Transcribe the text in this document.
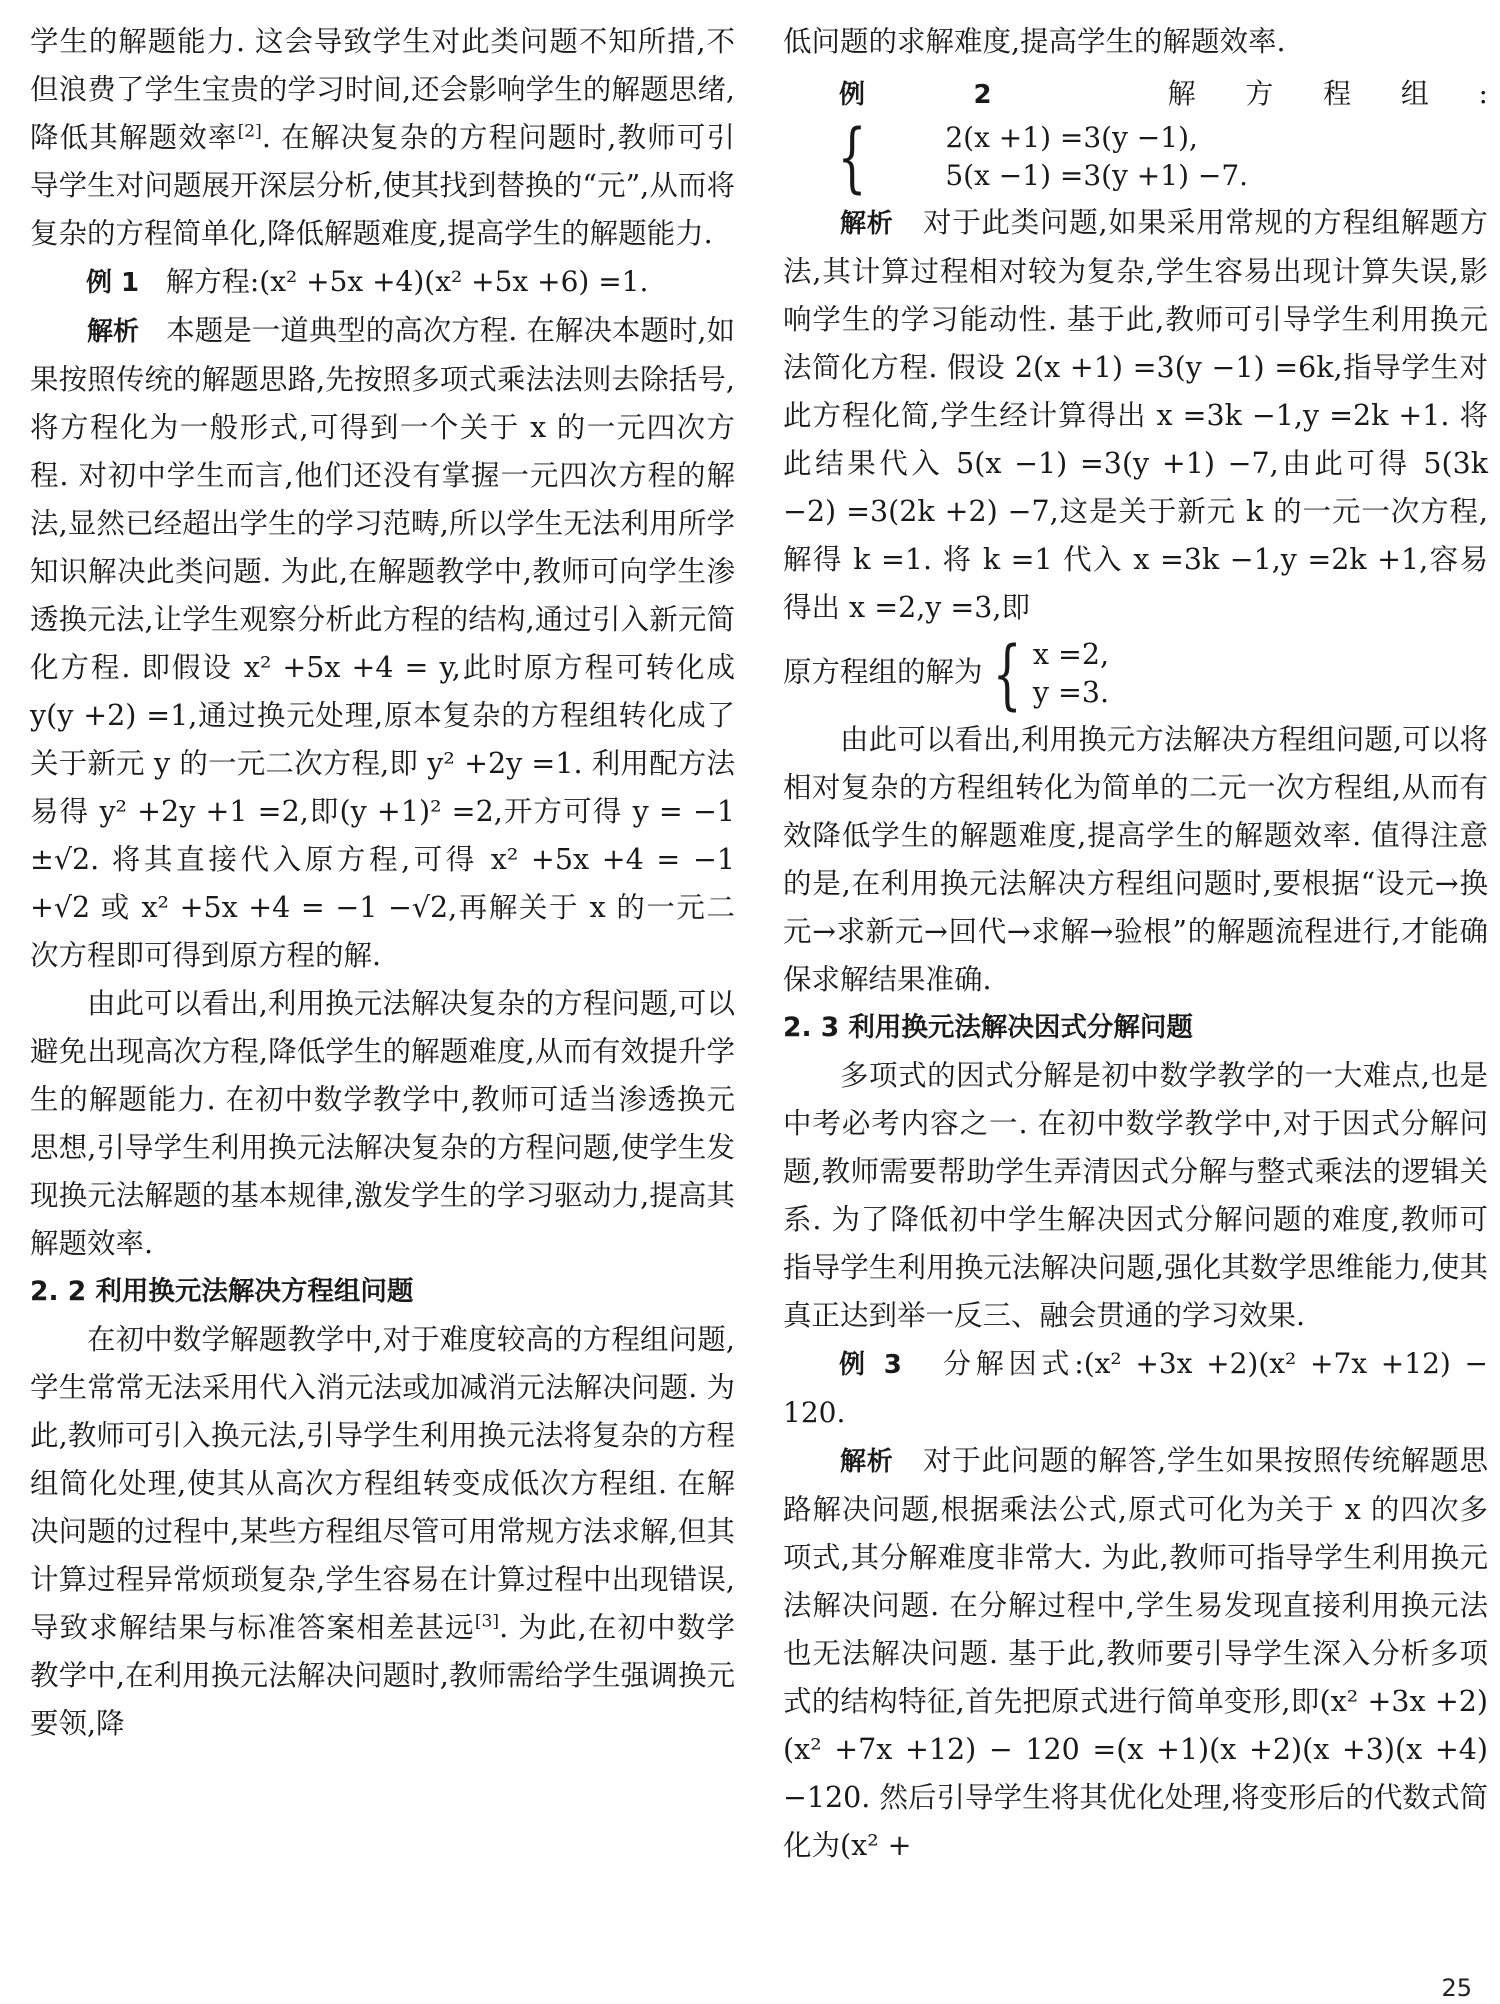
学生的解题能力. 这会导致学生对此类问题不知所措,不但浪费了学生宝贵的学习时间,还会影响学生的解题思绪,降低其解题效率[2]. 在解决复杂的方程问题时,教师可引导学生对问题展开深层分析,使其找到替换的“元”,从而将复杂的方程简单化,降低解题难度,提高学生的解题能力.

例 1 解方程:(x² +5x +4)(x² +5x +6) =1.

解析 本题是一道典型的高次方程. 在解决本题时,如果按照传统的解题思路,先按照多项式乘法法则去除括号,将方程化为一般形式,可得到一个关于 x 的一元四次方程. 对初中学生而言,他们还没有掌握一元四次方程的解法,显然已经超出学生的学习范畴,所以学生无法利用所学知识解决此类问题. 为此,在解题教学中,教师可向学生渗透换元法,让学生观察分析此方程的结构,通过引入新元简化方程. 即假设 x² +5x +4 = y,此时原方程可转化成 y(y +2) =1,通过换元处理,原本复杂的方程组转化成了关于新元 y 的一元二次方程,即 y² +2y =1. 利用配方法易得 y² +2y +1 =2,即(y +1)² =2,开方可得 y = −1 ±√2. 将其直接代入原方程,可得 x² +5x +4 = −1 +√2 或 x² +5x +4 = −1 −√2,再解关于 x 的一元二次方程即可得到原方程的解.

由此可以看出,利用换元法解决复杂的方程问题,可以避免出现高次方程,降低学生的解题难度,从而有效提升学生的解题能力. 在初中数学教学中,教师可适当渗透换元思想,引导学生利用换元法解决复杂的方程问题,使学生发现换元法解题的基本规律,激发学生的学习驱动力,提高其解题效率.

2. 2 利用换元法解决方程组问题

在初中数学解题教学中,对于难度较高的方程组问题,学生常常无法采用代入消元法或加减消元法解决问题. 为此,教师可引入换元法,引导学生利用换元法将复杂的方程组简化处理,使其从高次方程组转变成低次方程组. 在解决问题的过程中,某些方程组尽管可用常规方法求解,但其计算过程异常烦琐复杂,学生容易在计算过程中出现错误,导致求解结果与标准答案相差甚远[3]. 为此,在初中数学教学中,在利用换元法解决问题时,教师需给学生强调换元要领,降

低问题的求解难度,提高学生的解题效率.

例 2	解方程组:
{	2(x +1) =3(y −1),
5(x −1) =3(y +1) −7.

解析 对于此类问题,如果采用常规的方程组解题方法,其计算过程相对较为复杂,学生容易出现计算失误,影响学生的学习能动性. 基于此,教师可引导学生利用换元法简化方程. 假设 2(x +1) =3(y −1) =6k,指导学生对此方程化简,学生经计算得出 x =3k −1,y =2k +1. 将此结果代入 5(x −1) =3(y +1) −7,由此可得 5(3k −2) =3(2k +2) −7,这是关于新元 k 的一元一次方程,解得 k =1. 将 k =1 代入 x =3k −1,y =2k +1,容易得出 x =2,y =3,即

原方程组的解为 { x =2,
y =3.

由此可以看出,利用换元方法解决方程组问题,可以将相对复杂的方程组转化为简单的二元一次方程组,从而有效降低学生的解题难度,提高学生的解题效率. 值得注意的是,在利用换元法解决方程组问题时,要根据“设元→换元→求新元→回代→求解→验根”的解题流程进行,才能确保求解结果准确.

2. 3 利用换元法解决因式分解问题

多项式的因式分解是初中数学教学的一大难点,也是中考必考内容之一. 在初中数学教学中,对于因式分解问题,教师需要帮助学生弄清因式分解与整式乘法的逻辑关系. 为了降低初中学生解决因式分解问题的难度,教师可指导学生利用换元法解决问题,强化其数学思维能力,使其真正达到举一反三、融会贯通的学习效果.

例 3 分解因式:(x² +3x +2)(x² +7x +12) − 120.

解析 对于此问题的解答,学生如果按照传统解题思路解决问题,根据乘法公式,原式可化为关于 x 的四次多项式,其分解难度非常大. 为此,教师可指导学生利用换元法解决问题. 在分解过程中,学生易发现直接利用换元法也无法解决问题. 基于此,教师要引导学生深入分析多项式的结构特征,首先把原式进行简单变形,即(x² +3x +2)(x² +7x +12) − 120 =(x +1)(x +2)(x +3)(x +4) −120. 然后引导学生将其优化处理,将变形后的代数式简化为(x² +

25
